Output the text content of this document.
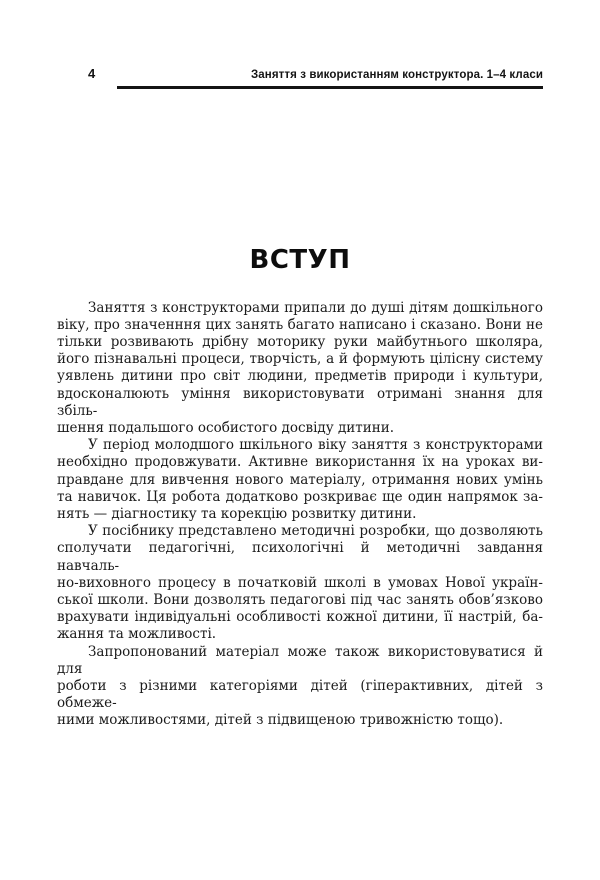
4	Заняття з використанням конструктора. 1–4 класи
ВСТУП
Заняття з конструкторами припали до душі дітям дошкільного
віку, про значенння цих занять багато написано і сказано. Вони не
тільки розвивають дрібну моторику руки майбутнього школяра,
його пізнавальні процеси, творчість, а й формують цілісну систему
уявлень дитини про світ людини, предметів природи і культури,
вдосконалюють уміння використовувати отримані знання для збіль-
шення подальшого особистого досвіду дитини.
У період молодшого шкільного віку заняття з конструкторами
необхідно продовжувати. Активне використання їх на уроках ви-
правдане для вивчення нового матеріалу, отримання нових умінь
та навичок. Ця робота додатково розкриває ще один напрямок за-
нять — діагностику та корекцію розвитку дитини.
У посібнику представлено методичні розробки, що дозволяють
сполучати педагогічні, психологічні й методичні завдання навчаль-
но-виховного процесу в початковій школі в умовах Нової україн-
ської школи. Вони дозволять педагогові під час занять обов’язково
врахувати індивідуальні особливості кожної дитини, її настрій, ба-
жання та можливості.
Запропонований матеріал може також використовуватися й для
роботи з різними категоріями дітей (гіперактивних, дітей з обмеже-
ними можливостями, дітей з підвищеною тривожністю тощо).
